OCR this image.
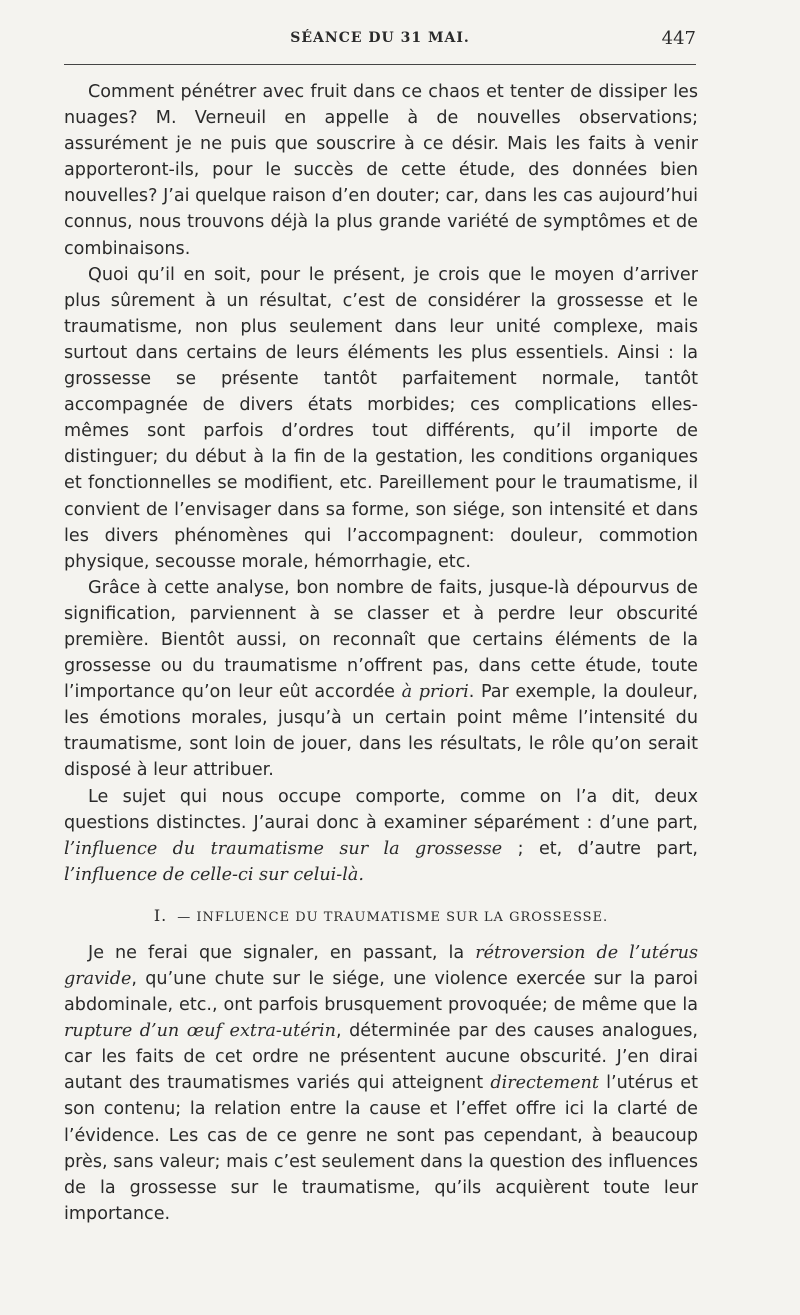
SÉANCE DU 31 MAI.	447

Comment pénétrer avec fruit dans ce chaos et tenter de dissiper les nuages? M. Verneuil en appelle à de nouvelles observations; assurément je ne puis que souscrire à ce désir. Mais les faits à venir apporteront-ils, pour le succès de cette étude, des données bien nouvelles? J’ai quelque raison d’en douter; car, dans les cas aujourd’hui connus, nous trouvons déjà la plus grande variété de symptômes et de combinaisons.

Quoi qu’il en soit, pour le présent, je crois que le moyen d’arriver plus sûrement à un résultat, c’est de considérer la grossesse et le traumatisme, non plus seulement dans leur unité complexe, mais surtout dans certains de leurs éléments les plus essentiels. Ainsi : la grossesse se présente tantôt parfaitement normale, tantôt accompagnée de divers états morbides; ces complications elles-mêmes sont parfois d’ordres tout différents, qu’il importe de distinguer; du début à la fin de la gestation, les conditions organiques et fonctionnelles se modifient, etc. Pareillement pour le traumatisme, il convient de l’envisager dans sa forme, son siége, son intensité et dans les divers phénomènes qui l’accompagnent: douleur, commotion physique, secousse morale, hémorrhagie, etc.

Grâce à cette analyse, bon nombre de faits, jusque-là dépourvus de signification, parviennent à se classer et à perdre leur obscurité première. Bientôt aussi, on reconnaît que certains éléments de la grossesse ou du traumatisme n’offrent pas, dans cette étude, toute l’importance qu’on leur eût accordée à priori. Par exemple, la douleur, les émotions morales, jusqu’à un certain point même l’intensité du traumatisme, sont loin de jouer, dans les résultats, le rôle qu’on serait disposé à leur attribuer.

Le sujet qui nous occupe comporte, comme on l’a dit, deux questions distinctes. J’aurai donc à examiner séparément : d’une part, l’influence du traumatisme sur la grossesse ; et, d’autre part, l’influence de celle-ci sur celui-là.

I. — INFLUENCE DU TRAUMATISME SUR LA GROSSESSE.

Je ne ferai que signaler, en passant, la rétroversion de l’utérus gravide, qu’une chute sur le siége, une violence exercée sur la paroi abdominale, etc., ont parfois brusquement provoquée; de même que la rupture d’un œuf extra-utérin, déterminée par des causes analogues, car les faits de cet ordre ne présentent aucune obscurité. J’en dirai autant des traumatismes variés qui atteignent directement l’utérus et son contenu; la relation entre la cause et l’effet offre ici la clarté de l’évidence. Les cas de ce genre ne sont pas cependant, à beaucoup près, sans valeur; mais c’est seulement dans la question des influences de la grossesse sur le traumatisme, qu’ils acquièrent toute leur importance.
